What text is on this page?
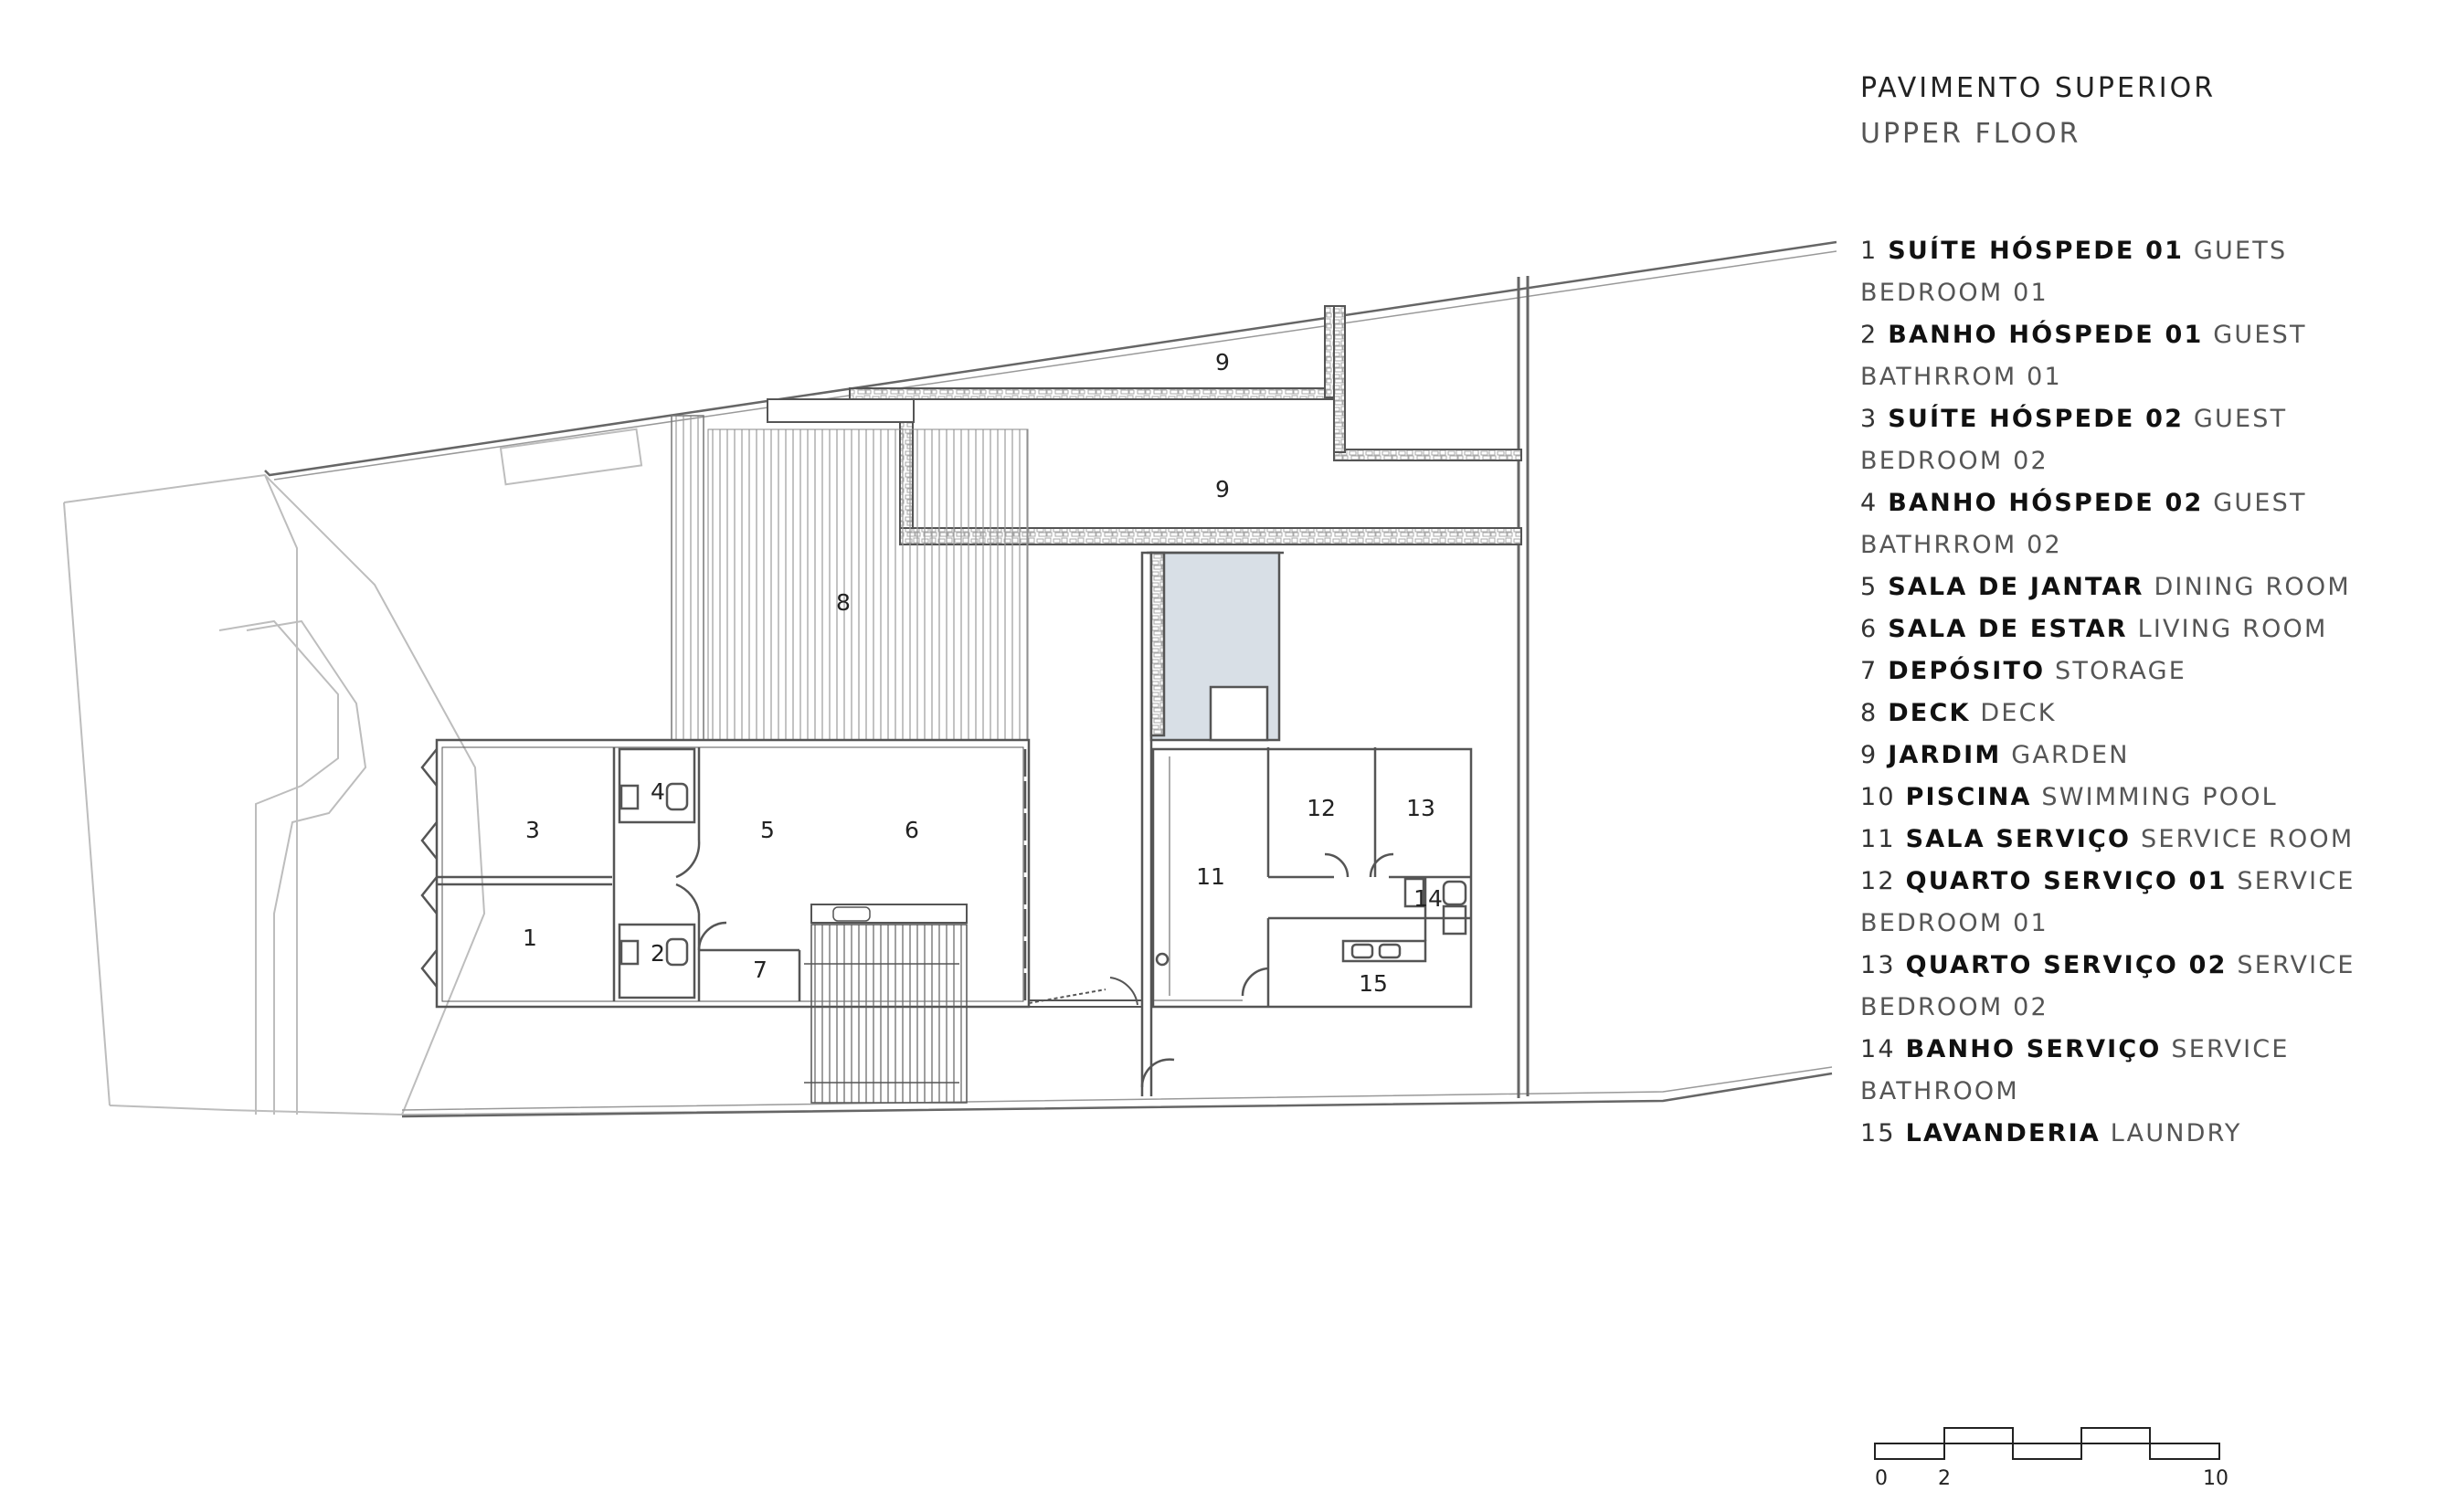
1
2
3
4
5	6
7
8
9
9
11
12	13
14
15
0	2	10

PAVIMENTO SUPERIOR

UPPER FLOOR

1 SUÍTE HÓSPEDE 01 GUETS BEDROOM 01
2 BANHO HÓSPEDE 01 GUEST BATHRROM 01
3 SUÍTE HÓSPEDE 02 GUEST BEDROOM 02
4 BANHO HÓSPEDE 02 GUEST BATHRROM 02
5 SALA DE JANTAR DINING ROOM
6 SALA DE ESTAR LIVING ROOM
7 DEPÓSITO STORAGE
8 DECK DECK
9 JARDIM GARDEN
10 PISCINA SWIMMING POOL
11 SALA SERVIÇO SERVICE ROOM
12 QUARTO SERVIÇO 01 SERVICE BEDROOM 01
13 QUARTO SERVIÇO 02 SERVICE BEDROOM 02
14 BANHO SERVIÇO SERVICE BATHROOM
15 LAVANDERIA LAUNDRY
